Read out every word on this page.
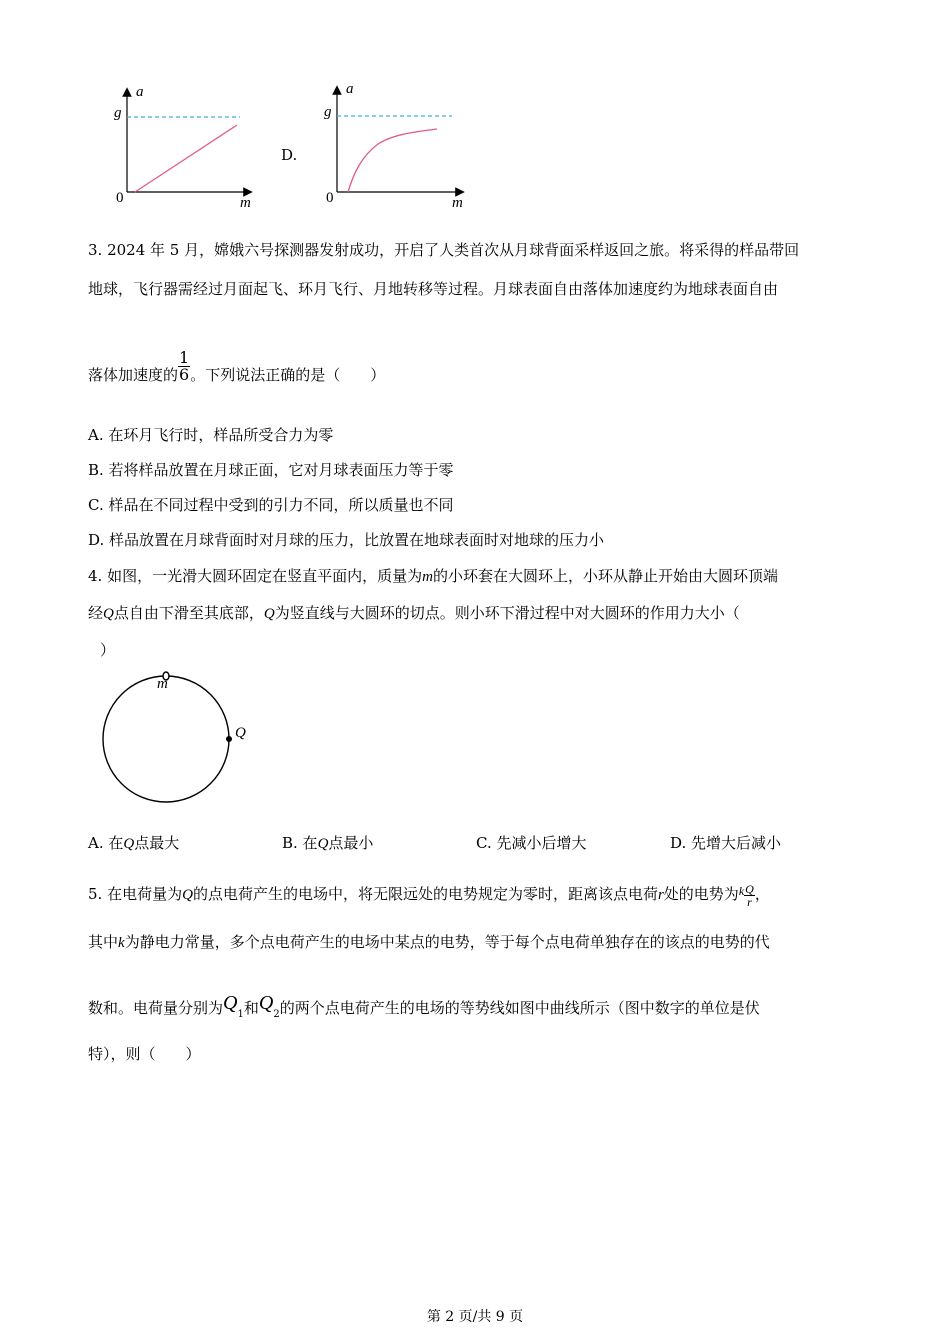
a
g
0	m
D.
a
g
0	m
3. 2024 年 5 月，嫦娥六号探测器发射成功，开启了人类首次从月球背面采样返回之旅。将采得的样品带回
地球，飞行器需经过月面起飞、环月飞行、月地转移等过程。月球表面自由落体加速度约为地球表面自由
落体加速度的 $\frac{1}{6}$ 。下列说法正确的是（　　）
A. 在环月飞行时，样品所受合力为零
B. 若将样品放置在月球正面，它对月球表面压力等于零
C. 样品在不同过程中受到的引力不同，所以质量也不同
D. 样品放置在月球背面时对月球的压力，比放置在地球表面时对地球的压力小
4. 如图，一光滑大圆环固定在竖直平面内，质量为m的小环套在大圆环上，小环从静止开始由大圆环顶端
经Q点自由下滑至其底部，Q为竖直线与大圆环的切点。则小环下滑过程中对大圆环的作用力大小（
）
m
Q
A. 在Q点最大	B. 在Q点最小	C. 先减小后增大	D. 先增大后减小
5. 在电荷量为Q的点电荷产生的电场中，将无限远处的电势规定为零时，距离该点电荷r处的电势为$^k \frac{Q}{r}$ ，
其中k为静电力常量，多个点电荷产生的电场中某点的电势，等于每个点电荷单独存在的该点的电势的代
数和。电荷量分别为$Q_1$和$Q_2$的两个点电荷产生的电场的等势线如图中曲线所示（图中数字的单位是伏
特），则（　　）
第 2 页/共 9 页
